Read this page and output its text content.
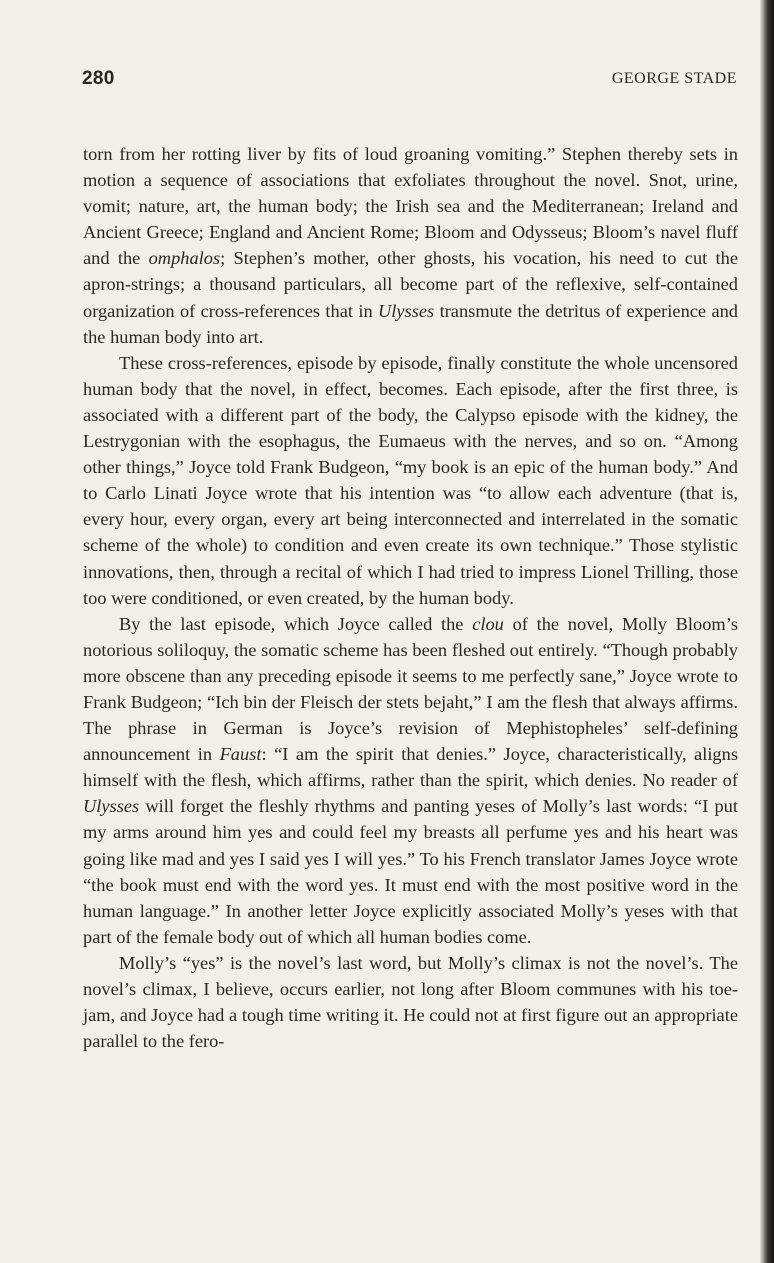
280	GEORGE STADE

torn from her rotting liver by fits of loud groaning vomiting.” Stephen thereby sets in motion a sequence of associations that exfoliates throughout the novel. Snot, urine, vomit; nature, art, the human body; the Irish sea and the Mediterranean; Ireland and Ancient Greece; England and Ancient Rome; Bloom and Odysseus; Bloom’s navel fluff and the omphalos; Stephen’s mother, other ghosts, his vocation, his need to cut the apron-strings; a thousand particulars, all become part of the reflexive, self-contained organization of cross-references that in Ulysses transmute the detritus of experience and the human body into art.

These cross-references, episode by episode, finally constitute the whole uncensored human body that the novel, in effect, becomes. Each episode, after the first three, is associated with a different part of the body, the Calypso episode with the kidney, the Lestrygonian with the esophagus, the Eumaeus with the nerves, and so on. “Among other things,” Joyce told Frank Budgeon, “my book is an epic of the human body.” And to Carlo Linati Joyce wrote that his intention was “to allow each adventure (that is, every hour, every organ, every art being interconnected and interrelated in the somatic scheme of the whole) to condition and even create its own technique.” Those stylistic innovations, then, through a recital of which I had tried to impress Lionel Trilling, those too were conditioned, or even created, by the human body.

By the last episode, which Joyce called the clou of the novel, Molly Bloom’s notorious soliloquy, the somatic scheme has been fleshed out entirely. “Though probably more obscene than any preceding episode it seems to me perfectly sane,” Joyce wrote to Frank Budgeon; “Ich bin der Fleisch der stets bejaht,” I am the flesh that always affirms. The phrase in German is Joyce’s revision of Mephistopheles’ self-defining announcement in Faust: “I am the spirit that denies.” Joyce, characteristically, aligns himself with the flesh, which affirms, rather than the spirit, which denies. No reader of Ulysses will forget the fleshly rhythms and panting yeses of Molly’s last words: “I put my arms around him yes and could feel my breasts all perfume yes and his heart was going like mad and yes I said yes I will yes.” To his French translator James Joyce wrote “the book must end with the word yes. It must end with the most positive word in the human language.” In another letter Joyce explicitly associated Molly’s yeses with that part of the female body out of which all human bodies come.

Molly’s “yes” is the novel’s last word, but Molly’s climax is not the novel’s. The novel’s climax, I believe, occurs earlier, not long after Bloom communes with his toe-jam, and Joyce had a tough time writing it. He could not at first figure out an appropriate parallel to the fero-
